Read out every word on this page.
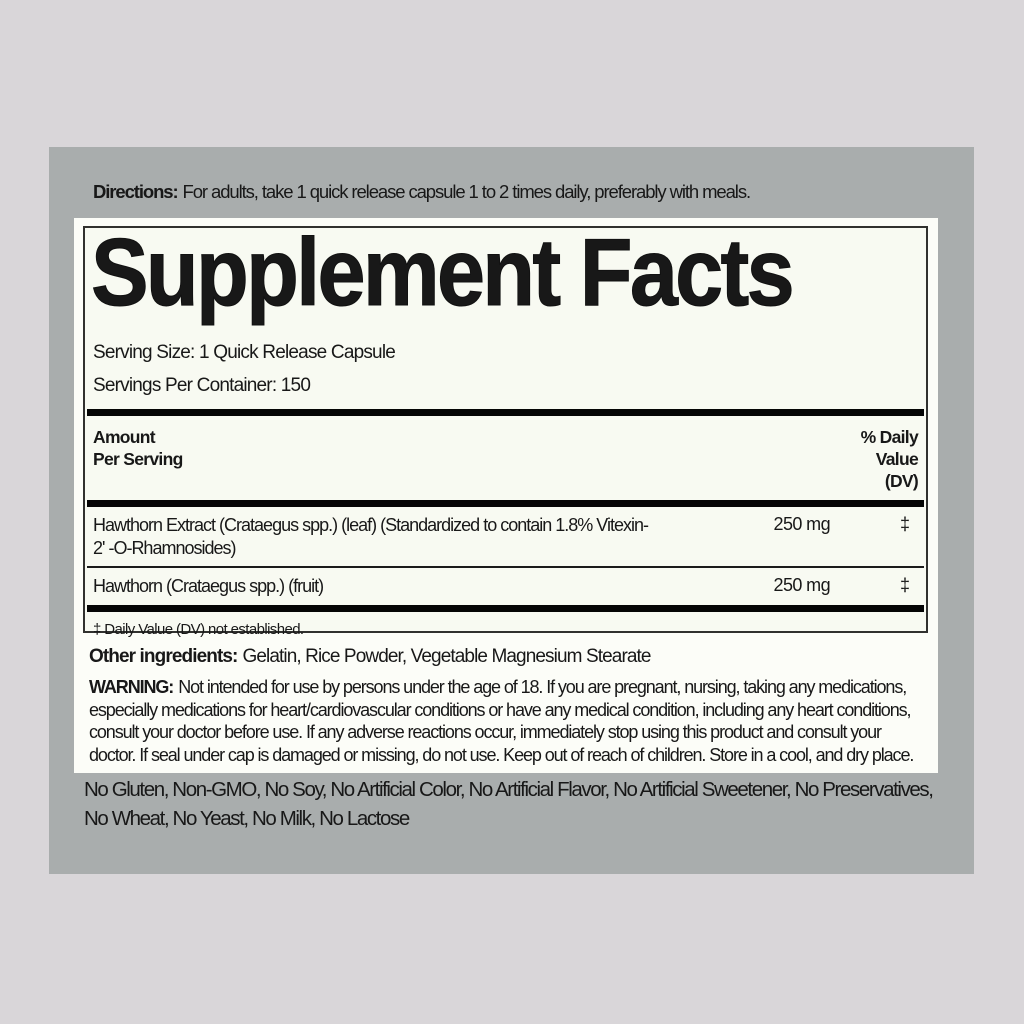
Directions: For adults, take 1 quick release capsule 1 to 2 times daily, preferably with meals.

Supplement Facts
Serving Size: 1 Quick Release Capsule
Servings Per Container: 150
Amount
Per Serving
% Daily
Value
(DV)
Hawthorn Extract (Crataegus spp.) (leaf) (Standardized to contain 1.8% Vitexin-
2' -O-Rhamnosides)
250 mg	‡
Hawthorn (Crataegus spp.) (fruit)	250 mg	‡
‡ Daily Value (DV) not established.

Other ingredients: Gelatin, Rice Powder, Vegetable Magnesium Stearate

WARNING: Not intended for use by persons under the age of 18. If you are pregnant, nursing, taking any medications, especially medications for heart/cardiovascular conditions or have any medical condition, including any heart conditions, consult your doctor before use. If any adverse reactions occur, immediately stop using this product and consult your doctor. If seal under cap is damaged or missing, do not use. Keep out of reach of children. Store in a cool, and dry place.

No Gluten, Non-GMO, No Soy, No Artificial Color, No Artificial Flavor, No Artificial Sweetener, No Preservatives, No Wheat, No Yeast, No Milk, No Lactose
